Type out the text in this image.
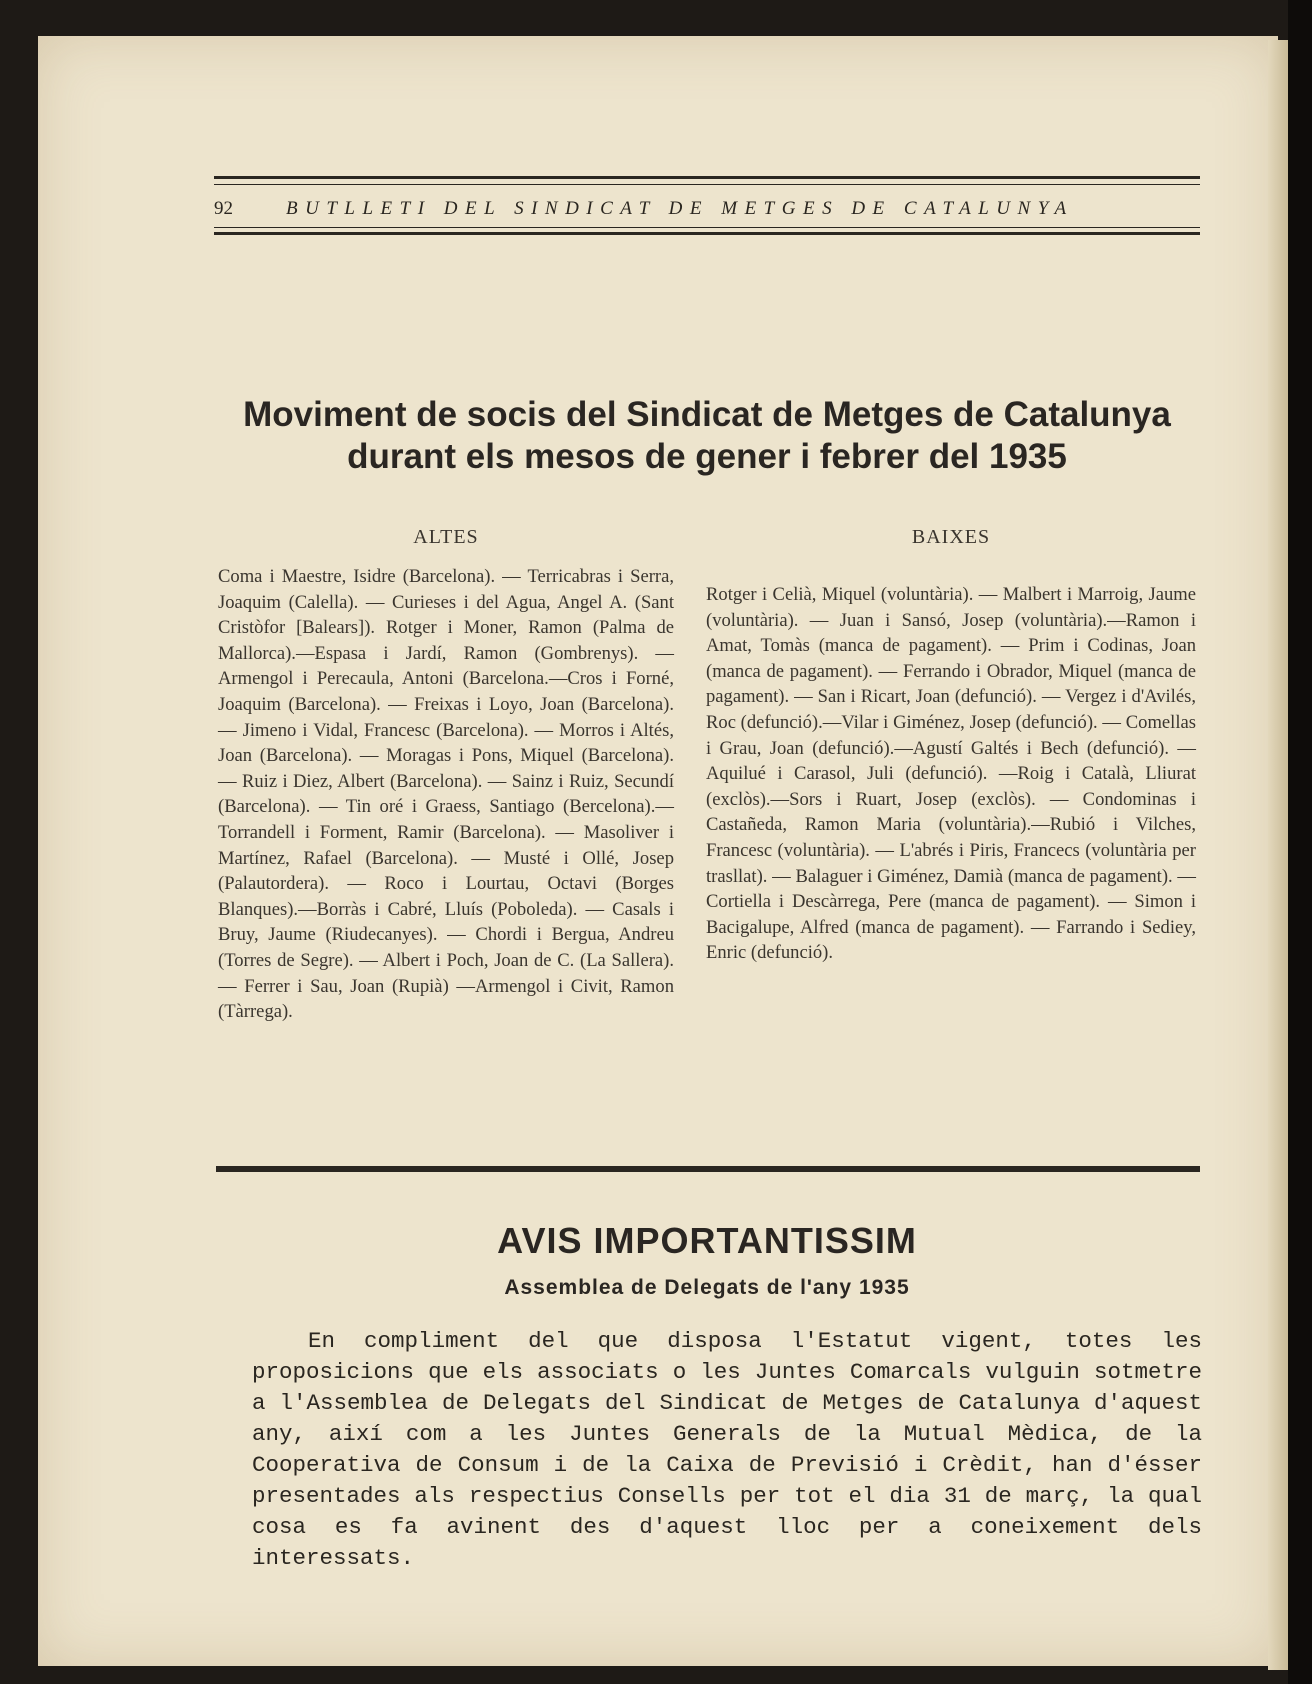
92	BUTLLETI DEL SINDICAT DE METGES DE CATALUNYA
Moviment de socis del Sindicat de Metges de Catalunya
durant els mesos de gener i febrer del 1935
ALTES	BAIXES
Coma i Maestre, Isidre (Barcelona). — Terricabras i Serra, Joaquim (Calella). — Curieses i del Agua, Angel A. (Sant Cristòfor [Balears]). Rotger i Moner, Ramon (Palma de Mallorca).—Espasa i Jardí, Ramon (Gombrenys). — Armengol i Perecaula, Antoni (Barcelona.—Cros i Forné, Joaquim (Barcelona). — Freixas i Loyo, Joan (Barcelona). — Jimeno i Vidal, Francesc (Barcelona). — Morros i Altés, Joan (Barcelona). — Moragas i Pons, Miquel (Barcelona). — Ruiz i Diez, Albert (Barcelona). — Sainz i Ruiz, Secundí (Barcelona). — Tin oré i Graess, Santiago (Bercelona).—Torrandell i Forment, Ramir (Barcelona). — Masoliver i Martínez, Rafael (Barcelona). — Musté i Ollé, Josep (Palautordera). — Roco i Lourtau, Octavi (Borges Blanques).—Borràs i Cabré, Lluís (Poboleda). — Casals i Bruy, Jaume (Riudecanyes). — Chordi i Bergua, Andreu (Torres de Segre). — Albert i Poch, Joan de C. (La Sallera). — Ferrer i Sau, Joan (Rupià) —Armengol i Civit, Ramon (Tàrrega).
Rotger i Celià, Miquel (voluntària). — Malbert i Marroig, Jaume (voluntària). — Juan i Sansó, Josep (voluntària).—Ramon i Amat, Tomàs (manca de pagament). — Prim i Codinas, Joan (manca de pagament). — Ferrando i Obrador, Miquel (manca de pagament). — San i Ricart, Joan (defunció). — Vergez i d'Avilés, Roc (defunció).—Vilar i Giménez, Josep (defunció). — Comellas i Grau, Joan (defunció).—Agustí Galtés i Bech (defunció). — Aquilué i Carasol, Juli (defunció). —Roig i Català, Lliurat (exclòs).—Sors i Ruart, Josep (exclòs). — Condominas i Castañeda, Ramon Maria (voluntària).—Rubió i Vilches, Francesc (voluntària). — L'abrés i Piris, Francecs (voluntària per trasllat). — Balaguer i Giménez, Damià (manca de pagament). — Cortiella i Descàrrega, Pere (manca de pagament). — Simon i Bacigalupe, Alfred (manca de pagament). — Farrando i Sediey, Enric (defunció).
AVIS IMPORTANTISSIM
Assemblea de Delegats de l'any 1935
En compliment del que disposa l'Estatut vigent, totes les proposicions que els associats o les Juntes Comarcals vulguin sotmetre a l'Assemblea de Delegats del Sindicat de Metges de Catalunya d'aquest any, així com a les Juntes Generals de la Mutual Mèdica, de la Cooperativa de Consum i de la Caixa de Previsió i Crèdit, han d'ésser presentades als respectius Consells per tot el dia 31 de març, la qual cosa es fa avinent des d'aquest lloc per a coneixement dels interessats.
